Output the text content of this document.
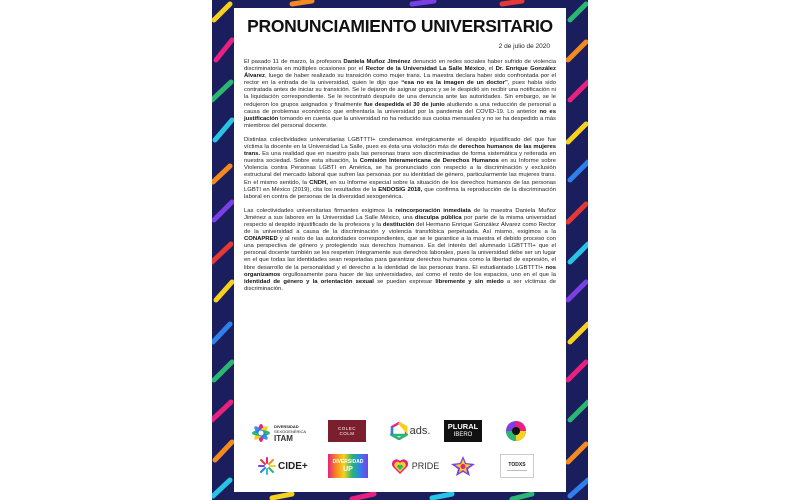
PRONUNCIAMIENTO UNIVERSITARIO
2 de julio de 2020

El pasado 11 de marzo, la profesora Daniela Muñoz Jiménez denunció en redes sociales haber sufrido de violencia discriminatoria en múltiples ocasiones por el Rector de la Universidad La Salle México, el Dr. Enrique González Álvarez, luego de haber realizado su transición como mujer trans. La maestra declara haber sido confrontada por el rector en la entrada de la universidad, quien le dijo que “esa no es la imagen de un doctor”, pues había sido contratada antes de iniciar su transición. Se le dejaron de asignar grupos y se le despidió sin recibir una notificación ni la liquidación correspondiente. Se le recontrató después de una denuncia ante las autoridades. Sin embargo, se le redujeron los grupos asignados y finalmente fue despedida el 30 de junio aludiendo a una reducción de personal a causa de problemas económico que enfrentaría la universidad por la pandemia del COVID-19. Lo anterior no es justificación tomando en cuenta que la universidad no ha reducido sus cuotas mensuales y no se ha despedido a más miembros del personal docente.

Distintas colectividades universitarias LGBTTTI+ condenamos enérgicamente el despido injustificado del que fue víctima la docente en la Universidad La Salle, pues es ésta una violación más de derechos humanos de las mujeres trans. Es una realidad que en nuestro país las personas trans son discriminadas de forma sistemática y reiterada en nuestra sociedad. Sobre esta situación, la Comisión Interamericana de Derechos Humanos en su Informe sobre Violencia contra Personas LGBTI en América, se ha pronunciado con respecto a la discriminación y exclusión estructural del mercado laboral que sufren las personas por su identidad de género, particularmente las mujeres trans. En el mismo sentido, la CNDH, en su Informe especial sobre la situación de los derechos humanos de las personas LGBTI en México (2019), cita los resultados de la ENDOSIG 2018, que confirma la reproducción de la discriminación laboral en contra de personas de la diversidad sexogenérica.

Las colectividades universitarias firmantes exigimos la reincorporación inmediata de la maestra Daniela Muñoz Jiménez a sus labores en la Universidad La Salle México, una disculpa pública por parte de la misma universidad respecto al despido injustificado de la profesora y la destitución del Hermano Enrique González Álvarez como Rector de la universidad a causa de la discriminación y violencia transfóbica perpetuada. Así mismo, exigimos a la CONAPRED y al resto de las autoridades correspondientes, que se le garantice a la maestra el debido proceso con una perspectiva de género y protegiendo sus derechos humanos. Es del interés del alumnado LGBTTTI+ que el personal docente también se les respeten íntegramente sus derechos laborales, pues la universidad debe ser un lugar en el que todas las identidades sean respetadas para garantizar derechos humanos como la libertad de expresión, el libre desarrollo de la personalidad y el derecho a la identidad de las personas trans. El estudiantado LGBTTTI+ nos organizamos orgullosamente para hacer de las universidades, así como el resto de los espacios, uno en el que la identidad de género y la orientación sexual se puedan expresar libremente y sin miedo a ser víctimas de discriminación.

DIVERSIDAD
SEXOGENÉRICA
ITAM
COLEC
COLM	ads. PLURAL
IBERO
CIDE+	DIVERSIDAD
UP	PRIDE	TODXS
